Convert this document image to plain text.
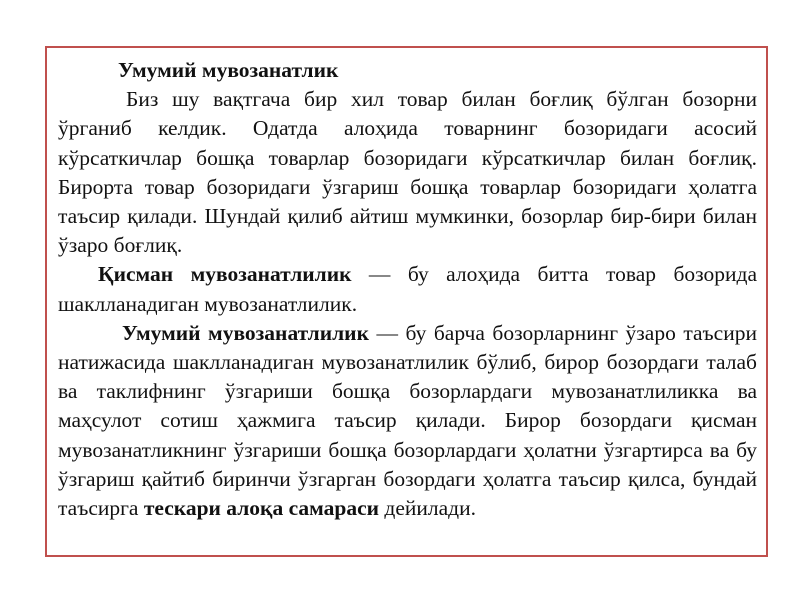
Умумий мувозанатлик

Биз шу вақтгача бир хил товар билан боғлиқ бўлган бозорни ўрганиб келдик. Одатда алоҳида товарнинг бозоридаги асосий кўрсаткичлар бошқа товарлар бозоридаги кўрсаткичлар билан боғлиқ. Бирорта товар бозоридаги ўзгариш бошқа товарлар бозоридаги ҳолатга таъсир қилади. Шундай қилиб айтиш мумкинки, бозорлар бир-бири билан ўзаро боғлиқ.

Қисман мувозанатлилик — бу алоҳида битта товар бозорида шаклланадиган мувозанатлилик.

Умумий мувозанатлилик — бу барча бозорларнинг ўзаро таъсири натижасида шаклланадиган мувозанатлилик бўлиб, бирор бозордаги талаб ва таклифнинг ўзгариши бошқа бозорлардаги мувозанатлиликка ва маҳсулот сотиш ҳажмига таъсир қилади. Бирор бозордаги қисман мувозанатликнинг ўзгариши бошқа бозорлардаги ҳолатни ўзгартирса ва бу ўзгариш қайтиб биринчи ўзгарган бозордаги ҳолатга таъсир қилса, бундай таъсирга тескари алоқа самараси дейилади.
